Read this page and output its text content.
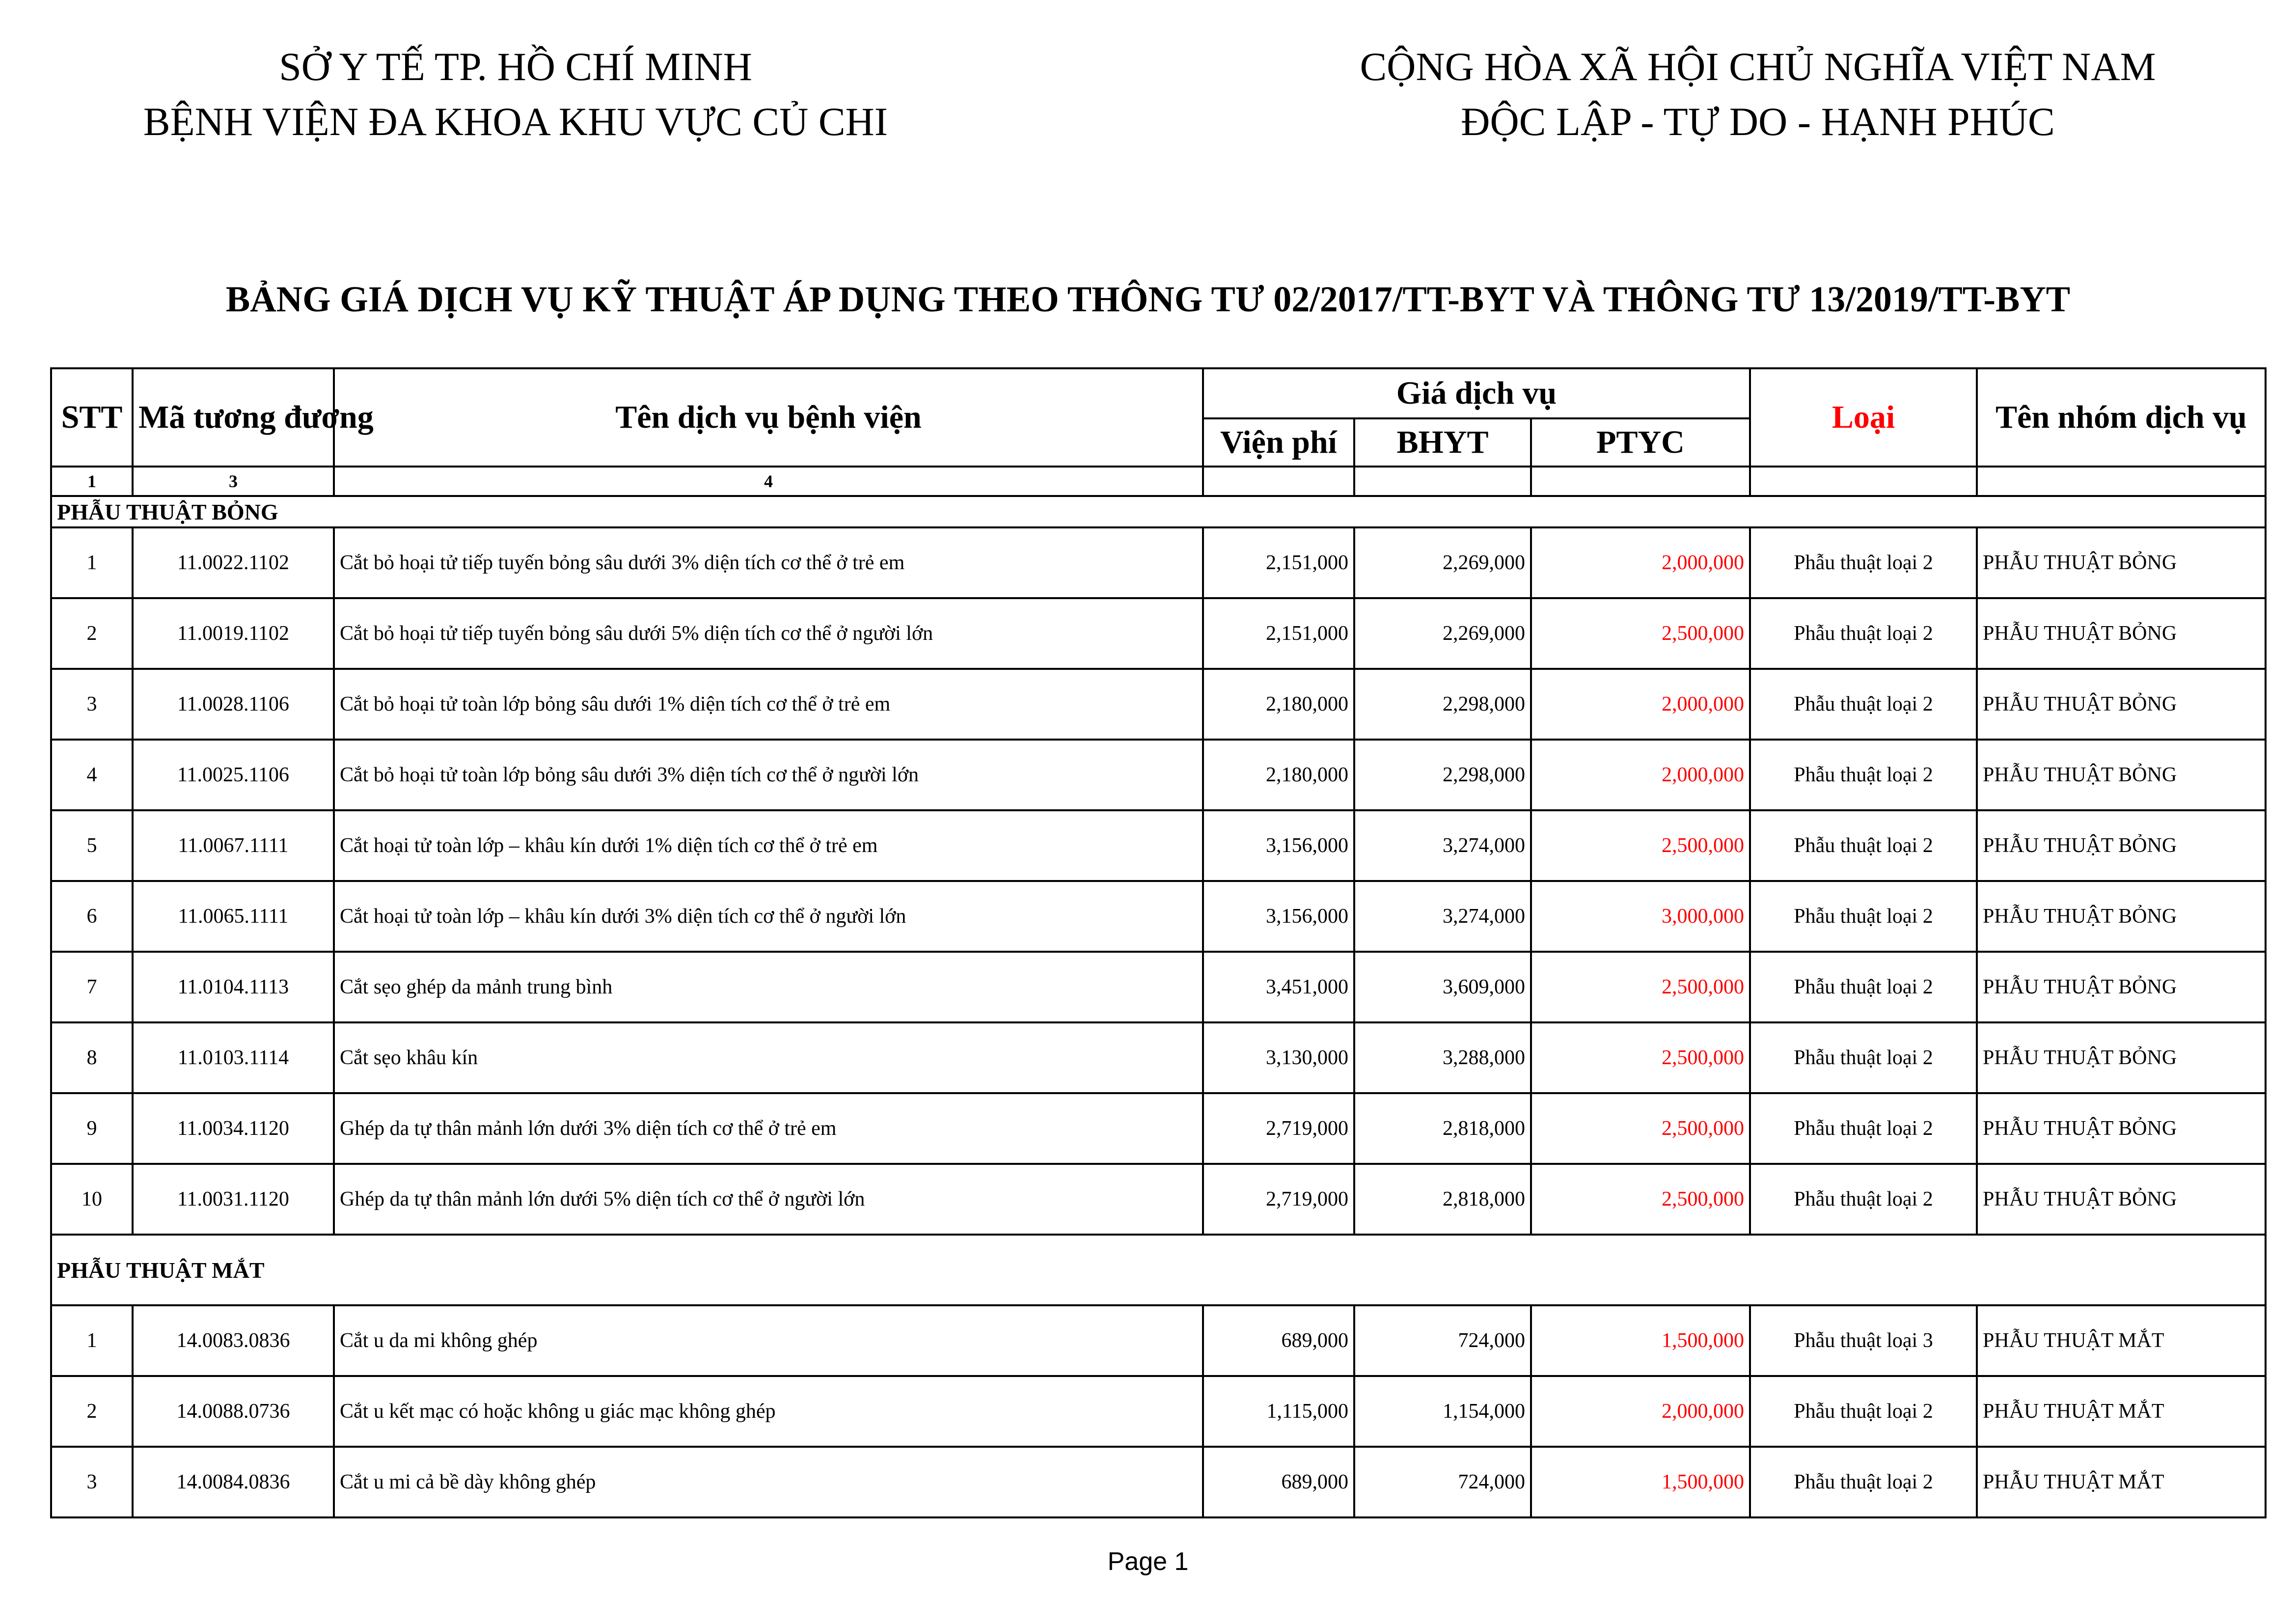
SỞ Y TẾ TP. HỒ CHÍ MINH
BỆNH VIỆN ĐA KHOA KHU VỰC CỦ CHI
CỘNG HÒA XÃ HỘI CHỦ NGHĨA VIỆT NAM
ĐỘC LẬP - TỰ DO - HẠNH PHÚC
BẢNG GIÁ DỊCH VỤ KỸ THUẬT ÁP DỤNG THEO THÔNG TƯ 02/2017/TT-BYT VÀ THÔNG TƯ 13/2019/TT-BYT
STT	Mã tương đương	Tên dịch vụ bệnh viện	Giá dịch vụ			Loại	Tên nhóm dịch vụ
			Viện phí	BHYT	PTYC		
1	3	4					
PHẪU THUẬT BỎNG							
1	11.0022.1102	Cắt bỏ hoại tử tiếp tuyến bỏng sâu dưới 3% diện tích cơ thể ở trẻ em	2,151,000	2,269,000	2,000,000	Phẫu thuật loại 2	PHẪU THUẬT BỎNG
2	11.0019.1102	Cắt bỏ hoại tử tiếp tuyến bỏng sâu dưới 5% diện tích cơ thể ở người lớn	2,151,000	2,269,000	2,500,000	Phẫu thuật loại 2	PHẪU THUẬT BỎNG
3	11.0028.1106	Cắt bỏ hoại tử toàn lớp bỏng sâu dưới 1% diện tích cơ thể ở trẻ em	2,180,000	2,298,000	2,000,000	Phẫu thuật loại 2	PHẪU THUẬT BỎNG
4	11.0025.1106	Cắt bỏ hoại tử toàn lớp bỏng sâu dưới 3% diện tích cơ thể ở người lớn	2,180,000	2,298,000	2,000,000	Phẫu thuật loại 2	PHẪU THUẬT BỎNG
5	11.0067.1111	Cắt hoại tử toàn lớp – khâu kín dưới 1% diện tích cơ thể ở trẻ em	3,156,000	3,274,000	2,500,000	Phẫu thuật loại 2	PHẪU THUẬT BỎNG
6	11.0065.1111	Cắt hoại tử toàn lớp – khâu kín dưới 3% diện tích cơ thể ở người lớn	3,156,000	3,274,000	3,000,000	Phẫu thuật loại 2	PHẪU THUẬT BỎNG
7	11.0104.1113	Cắt sẹo ghép da mảnh trung bình	3,451,000	3,609,000	2,500,000	Phẫu thuật loại 2	PHẪU THUẬT BỎNG
8	11.0103.1114	Cắt sẹo khâu kín	3,130,000	3,288,000	2,500,000	Phẫu thuật loại 2	PHẪU THUẬT BỎNG
9	11.0034.1120	Ghép da tự thân mảnh lớn dưới 3% diện tích cơ thể ở trẻ em	2,719,000	2,818,000	2,500,000	Phẫu thuật loại 2	PHẪU THUẬT BỎNG
10	11.0031.1120	Ghép da tự thân mảnh lớn dưới 5% diện tích cơ thể ở người lớn	2,719,000	2,818,000	2,500,000	Phẫu thuật loại 2	PHẪU THUẬT BỎNG
PHẪU THUẬT MẮT							
1	14.0083.0836	Cắt u da mi không ghép	689,000	724,000	1,500,000	Phẫu thuật loại 3	PHẪU THUẬT MẮT
2	14.0088.0736	Cắt u kết mạc có hoặc không u giác mạc không ghép	1,115,000	1,154,000	2,000,000	Phẫu thuật loại 2	PHẪU THUẬT MẮT
3	14.0084.0836	Cắt u mi cả bề dày không ghép	689,000	724,000	1,500,000	Phẫu thuật loại 2	PHẪU THUẬT MẮT
Page 1
